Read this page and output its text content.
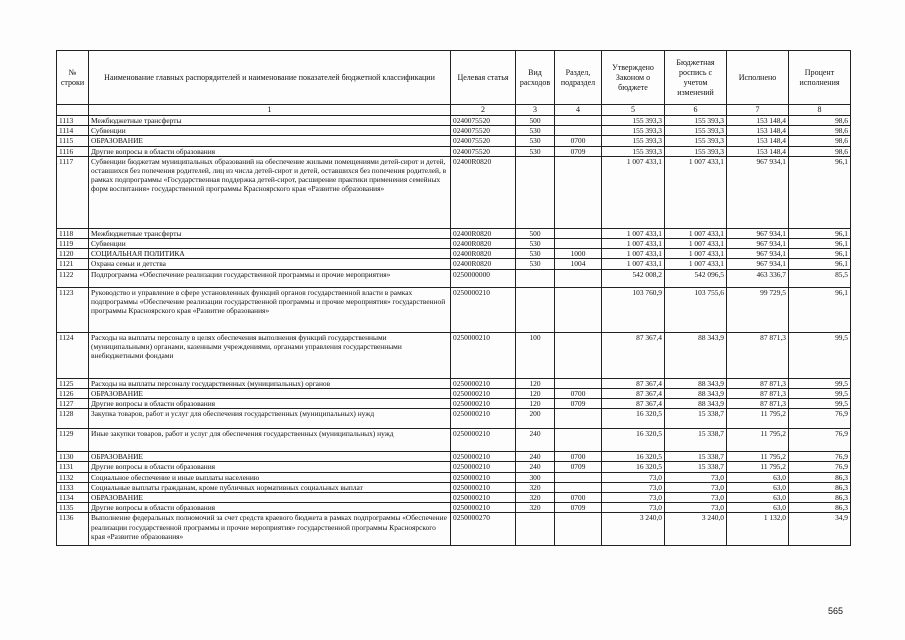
№ строки	Наименование главных распорядителей и наименование показателей бюджетной классификации	Целевая статья	Вид расходов	Раздел, подраздел	Утверждено Законом о бюджете	Бюджетная роспись с учетом изменений	Исполнено	Процент исполнения
	1	2	3	4	5	6	7	8
1113	Межбюджетные трансферты	0240075520	500		155 393,3	155 393,3	153 148,4	98,6
1114	Субвенции	0240075520	530		155 393,3	155 393,3	153 148,4	98,6
1115	ОБРАЗОВАНИЕ	0240075520	530	0700	155 393,3	155 393,3	153 148,4	98,6
1116	Другие вопросы в области образования	0240075520	530	0709	155 393,3	155 393,3	153 148,4	98,6
1117	Субвенции бюджетам муниципальных образований на обеспечение жилыми помещениями детей-сирот и детей, оставшихся без попечения родителей, лиц из числа детей-сирот и детей, оставшихся без попечения родителей, в рамках подпрограммы «Государственная поддержка детей-сирот, расширение практики применения семейных форм воспитания» государственной программы Красноярского края «Развитие образования»	02400R0820			1 007 433,1	1 007 433,1	967 934,1	96,1
1118	Межбюджетные трансферты	02400R0820	500		1 007 433,1	1 007 433,1	967 934,1	96,1
1119	Субвенции	02400R0820	530		1 007 433,1	1 007 433,1	967 934,1	96,1
1120	СОЦИАЛЬНАЯ ПОЛИТИКА	02400R0820	530	1000	1 007 433,1	1 007 433,1	967 934,1	96,1
1121	Охрана семьи и детства	02400R0820	530	1004	1 007 433,1	1 007 433,1	967 934,1	96,1
1122	Подпрограмма «Обеспечение реализации государственной программы и прочие мероприятия»	0250000000			542 008,2	542 096,5	463 336,7	85,5
1123	Руководство и управление в сфере установленных функций органов государственной власти в рамках подпрограммы «Обеспечение реализации государственной программы и прочие мероприятия» государственной программы Красноярского края «Развитие образования»	0250000210			103 760,9	103 755,6	99 729,5	96,1
1124	Расходы на выплаты персоналу в целях обеспечения выполнения функций государственными (муниципальными) органами, казенными учреждениями, органами управления государственными внебюджетными фондами	0250000210	100		87 367,4	88 343,9	87 871,3	99,5
1125	Расходы на выплаты персоналу государственных (муниципальных) органов	0250000210	120		87 367,4	88 343,9	87 871,3	99,5
1126	ОБРАЗОВАНИЕ	0250000210	120	0700	87 367,4	88 343,9	87 871,3	99,5
1127	Другие вопросы в области образования	0250000210	120	0709	87 367,4	88 343,9	87 871,3	99,5
1128	Закупка товаров, работ и услуг для обеспечения государственных (муниципальных) нужд	0250000210	200		16 320,5	15 338,7	11 795,2	76,9
1129	Иные закупки товаров, работ и услуг для обеспечения государственных (муниципальных) нужд	0250000210	240		16 320,5	15 338,7	11 795,2	76,9
1130	ОБРАЗОВАНИЕ	0250000210	240	0700	16 320,5	15 338,7	11 795,2	76,9
1131	Другие вопросы в области образования	0250000210	240	0709	16 320,5	15 338,7	11 795,2	76,9
1132	Социальное обеспечение и иные выплаты населению	0250000210	300		73,0	73,0	63,0	86,3
1133	Социальные выплаты гражданам, кроме публичных нормативных социальных выплат	0250000210	320		73,0	73,0	63,0	86,3
1134	ОБРАЗОВАНИЕ	0250000210	320	0700	73,0	73,0	63,0	86,3
1135	Другие вопросы в области образования	0250000210	320	0709	73,0	73,0	63,0	86,3
1136	Выполнение федеральных полномочий за счет средств краевого бюджета в рамках подпрограммы «Обеспечение реализации государственной программы и прочие мероприятия» государственной программы Красноярского края «Развитие образования»	0250000270			3 240,0	3 240,0	1 132,0	34,9
565
